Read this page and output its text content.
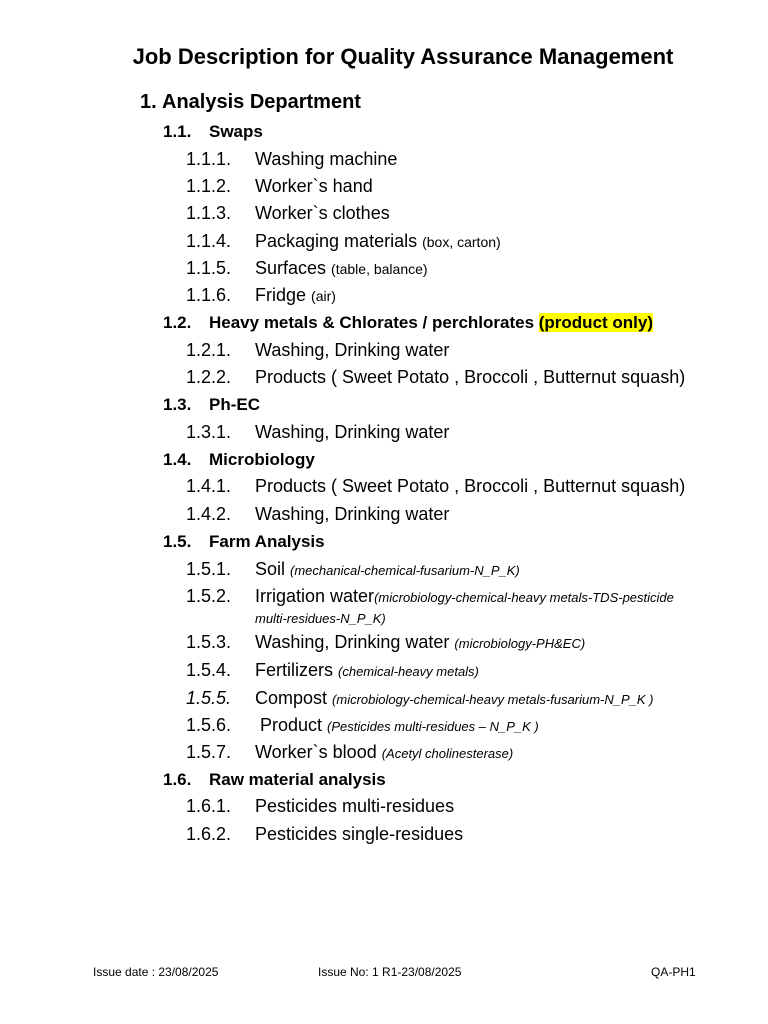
Job Description for Quality Assurance Management
1. Analysis Department
1.1. Swaps
1.1.1. Washing machine
1.1.2. Worker`s hand
1.1.3. Worker`s clothes
1.1.4. Packaging materials (box, carton)
1.1.5. Surfaces (table, balance)
1.1.6. Fridge (air)
1.2. Heavy metals & Chlorates / perchlorates (product only)
1.2.1. Washing, Drinking water
1.2.2. Products ( Sweet Potato , Broccoli , Butternut squash)
1.3. Ph-EC
1.3.1. Washing, Drinking water
1.4. Microbiology
1.4.1. Products ( Sweet Potato , Broccoli , Butternut squash)
1.4.2. Washing, Drinking water
1.5. Farm Analysis
1.5.1. Soil (mechanical-chemical-fusarium-N_P_K)
1.5.2. Irrigation water(microbiology-chemical-heavy metals-TDS-pesticide
multi-residues-N_P_K)
1.5.3. Washing, Drinking water (microbiology-PH&EC)
1.5.4. Fertilizers (chemical-heavy metals)
1.5.5. Compost (microbiology-chemical-heavy metals-fusarium-N_P_K )
1.5.6. Product (Pesticides multi-residues – N_P_K )
1.5.7. Worker`s blood (Acetyl cholinesterase)
1.6. Raw material analysis
1.6.1. Pesticides multi-residues
1.6.2. Pesticides single-residues
Issue date : 23/08/2025	Issue No: 1 R1-23/08/2025	QA-PH1
